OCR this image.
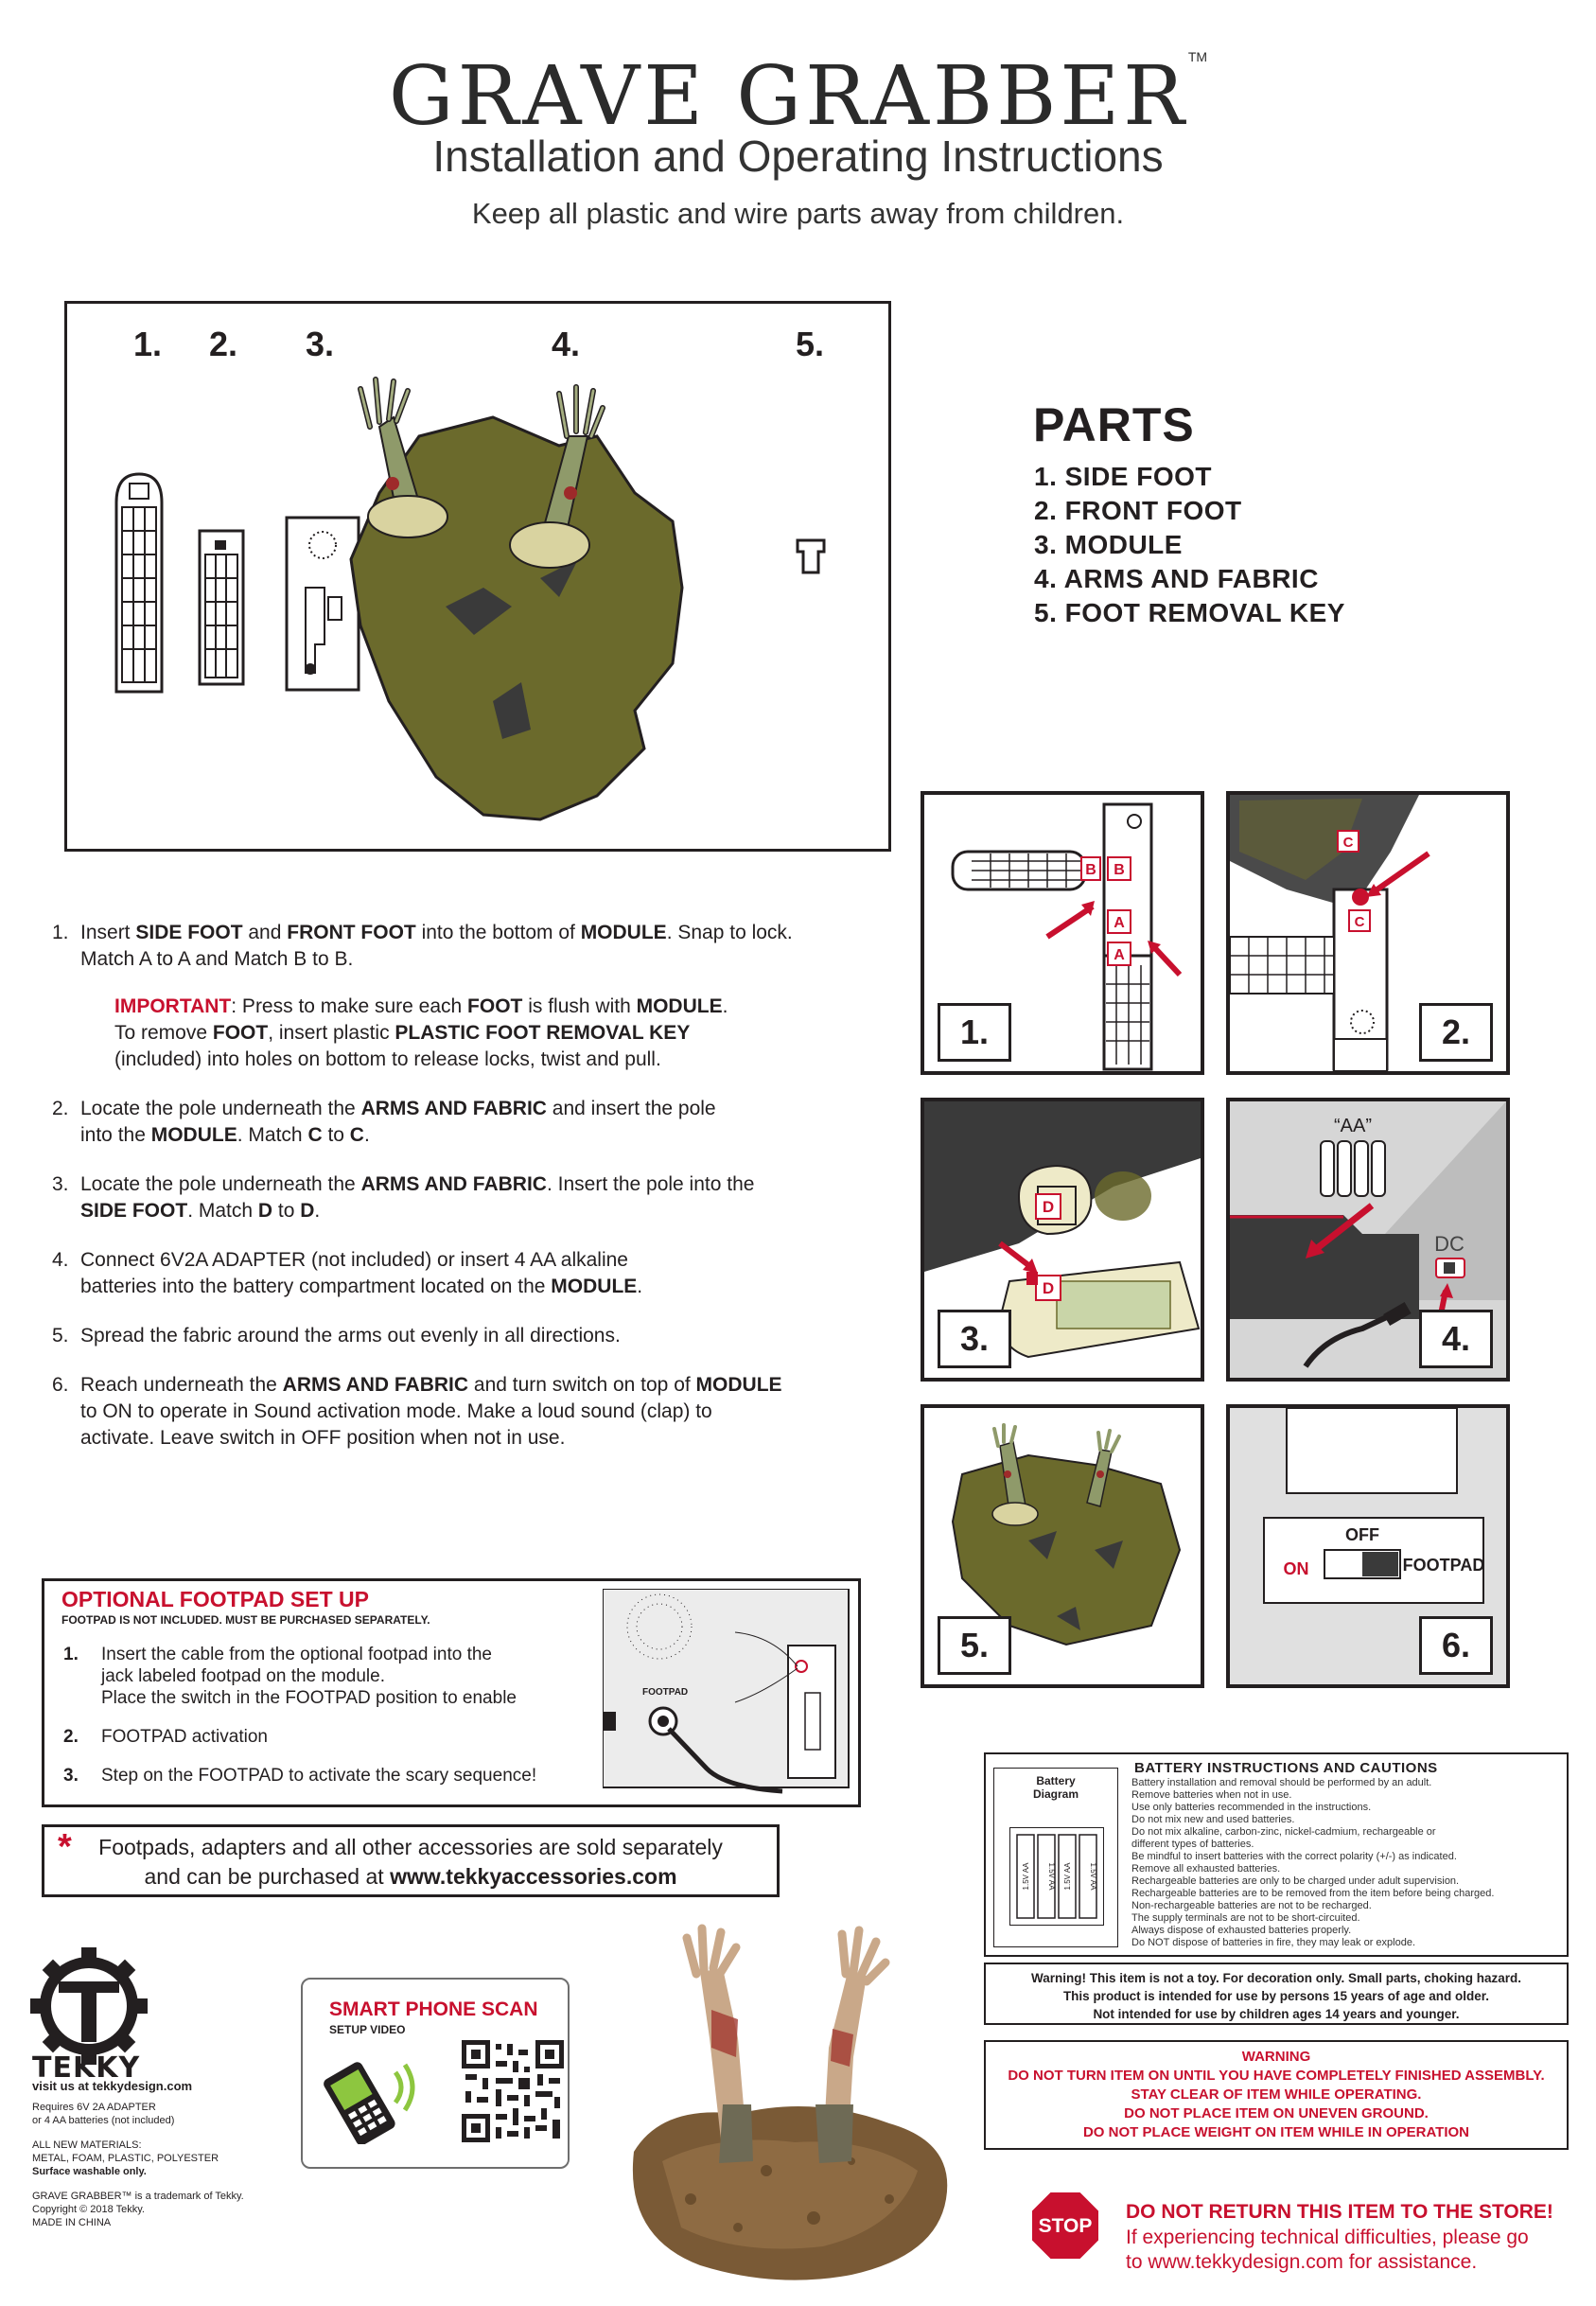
GRAVE GRABBER™
Installation and Operating Instructions
Keep all plastic and wire parts away from children.
1. 2. 3.	4.	5.
PARTS
1. SIDE FOOT
2. FRONT FOOT
3. MODULE
4. ARMS AND FABRIC
5. FOOT REMOVAL KEY
B B
A
A
1.
C
C
2.
D
D
3.
“AA”
DC
4.
5.
OFF
ON	FOOTPAD
6.
1. Insert SIDE FOOT and FRONT FOOT into the bottom of MODULE. Snap to lock.
Match A to A and Match B to B.
IMPORTANT: Press to make sure each FOOT is flush with MODULE.
To remove FOOT, insert plastic PLASTIC FOOT REMOVAL KEY
(included) into holes on bottom to release locks, twist and pull.
2. Locate the pole underneath the ARMS AND FABRIC and insert the pole
into the MODULE. Match C to C.
3. Locate the pole underneath the ARMS AND FABRIC. Insert the pole into the
SIDE FOOT. Match D to D.
4. Connect 6V2A ADAPTER (not included) or insert 4 AA alkaline
batteries into the battery compartment located on the MODULE.
5. Spread the fabric around the arms out evenly in all directions.
6. Reach underneath the ARMS AND FABRIC and turn switch on top of MODULE
to ON to operate in Sound activation mode. Make a loud sound (clap) to
activate. Leave switch in OFF position when not in use.
OPTIONAL FOOTPAD SET UP
FOOTPAD IS NOT INCLUDED. MUST BE PURCHASED SEPARATELY.
1. Insert the cable from the optional footpad into the
jack labeled footpad on the module.
Place the switch in the FOOTPAD position to enable
2. FOOTPAD activation
3. Step on the FOOTPAD to activate the scary sequence!
FOOTPAD
*	Footpads, adapters and all other accessories are sold separately
and can be purchased at www.tekkyaccessories.com
Battery
Diagram
1.5V AA 1.5V AA 1.5V AA 1.5V AA
BATTERY INSTRUCTIONS AND CAUTIONS
Battery installation and removal should be performed by an adult.
Remove batteries when not in use.
Use only batteries recommended in the instructions.
Do not mix new and used batteries.
Do not mix alkaline, carbon-zinc, nickel-cadmium, rechargeable or
different types of batteries.
Be mindful to insert batteries with the correct polarity (+/-) as indicated.
Remove all exhausted batteries.
Rechargeable batteries are only to be charged under adult supervision.
Rechargeable batteries are to be removed from the item before being charged.
Non-rechargeable batteries are not to be recharged.
The supply terminals are not to be short-circuited.
Always dispose of exhausted batteries properly.
Do NOT dispose of batteries in fire, they may leak or explode.
Warning! This item is not a toy. For decoration only. Small parts, choking hazard.
This product is intended for use by persons 15 years of age and older.
Not intended for use by children ages 14 years and younger.
WARNING
DO NOT TURN ITEM ON UNTIL YOU HAVE COMPLETELY FINISHED ASSEMBLY.
STAY CLEAR OF ITEM WHILE OPERATING.
DO NOT PLACE ITEM ON UNEVEN GROUND.
DO NOT PLACE WEIGHT ON ITEM WHILE IN OPERATION
STOP
DO NOT RETURN THIS ITEM TO THE STORE!
If experiencing technical difficulties, please go
to www.tekkydesign.com for assistance.
TEKKY
visit us at tekkydesign.com
Requires 6V 2A ADAPTER
or 4 AA batteries (not included)
ALL NEW MATERIALS:
METAL, FOAM, PLASTIC, POLYESTER
Surface washable only.
GRAVE GRABBER™ is a trademark of Tekky.
Copyright © 2018 Tekky.
MADE IN CHINA
SMART PHONE SCAN
SETUP VIDEO
